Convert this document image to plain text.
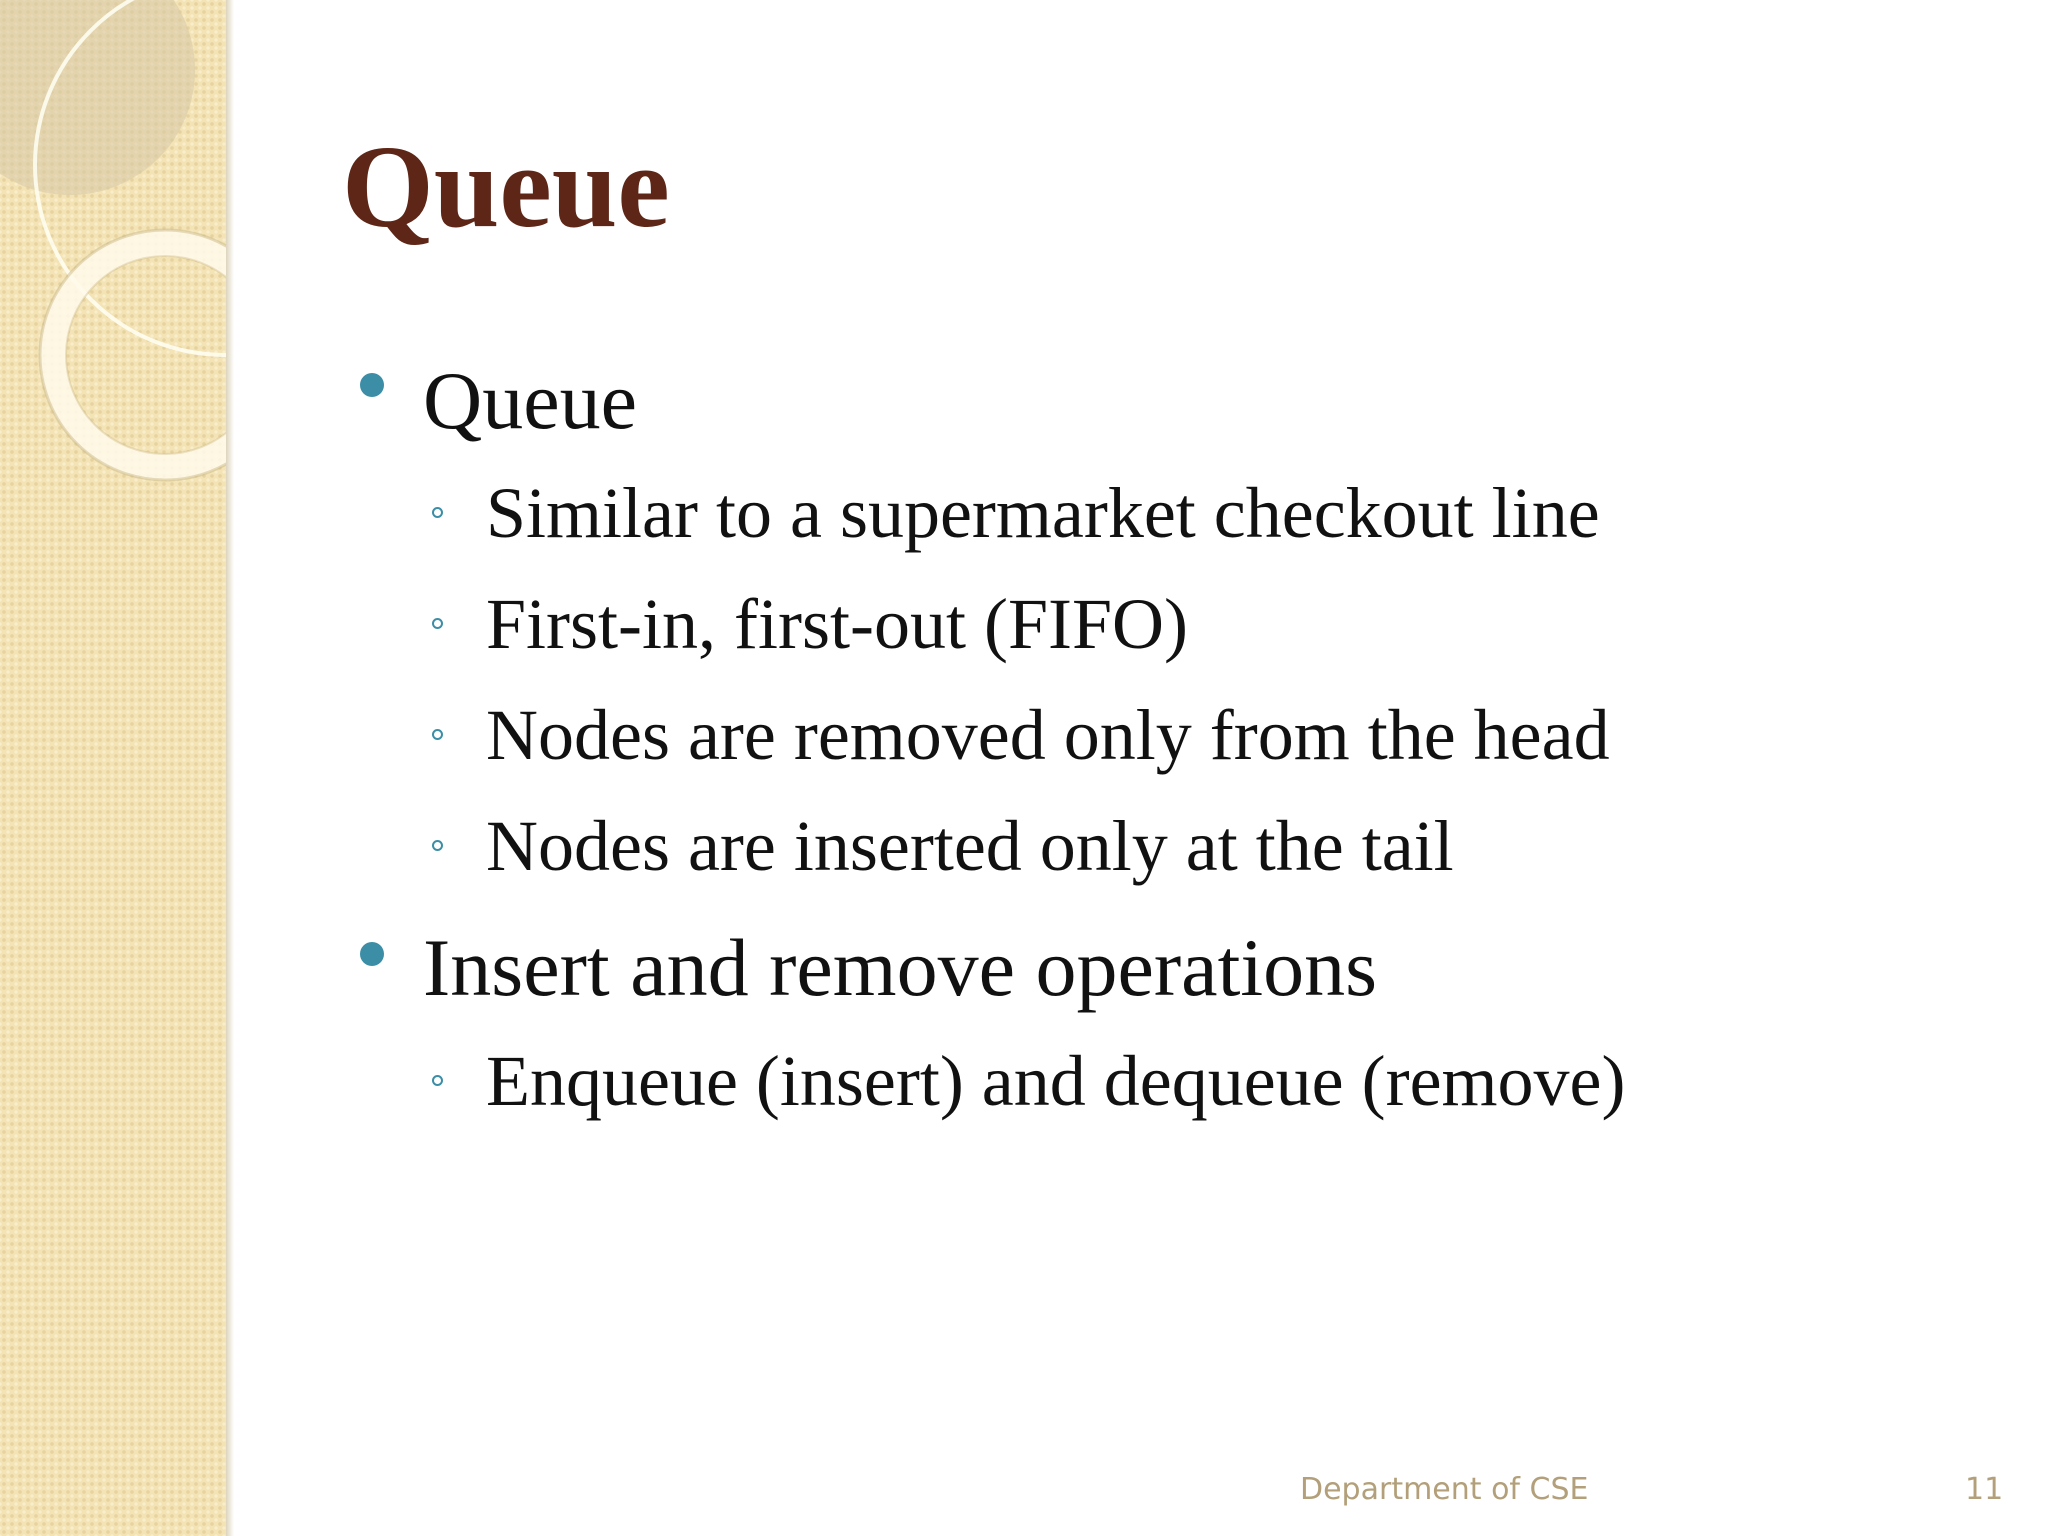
Queue
Queue
Similar to a supermarket checkout line
First-in, first-out (FIFO)
Nodes are removed only from the head
Nodes are inserted only at the tail
Insert and remove operations
Enqueue (insert) and dequeue (remove)
Department of CSE	11
